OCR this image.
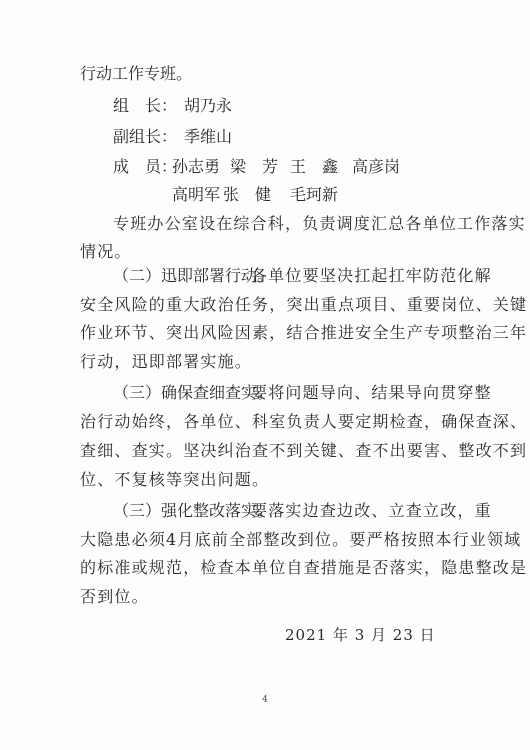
行动工作专班。
组　长： 胡乃永
副组长： 季维山
成　员：
孙志勇 梁　芳 王　鑫 高彦岗
高明军 张　健 毛珂新
专班办公室设在综合科，负责调度汇总各单位工作落实
情况。
（二）迅即部署行动。
各单位要坚决扛起扛牢防范化解
安全风险的重大政治任务，突出重点项目、重要岗位、关键
作业环节、突出风险因素，结合推进安全生产专项整治三年
行动，迅即部署实施。
（三）确保查细查实。
要将问题导向、结果导向贯穿整
治行动始终，各单位、科室负责人要定期检查，确保查深、
查细、查实。坚决纠治查不到关键、查不出要害、整改不到
位、不复核等突出问题。
（三）强化整改落实。
要落实边查边改、立查立改，重
大隐患必须4月底前全部整改到位。要严格按照本行业领域
的标准或规范，检查本单位自查措施是否落实，隐患整改是
否到位。
2021 年 3 月 23 日
4
